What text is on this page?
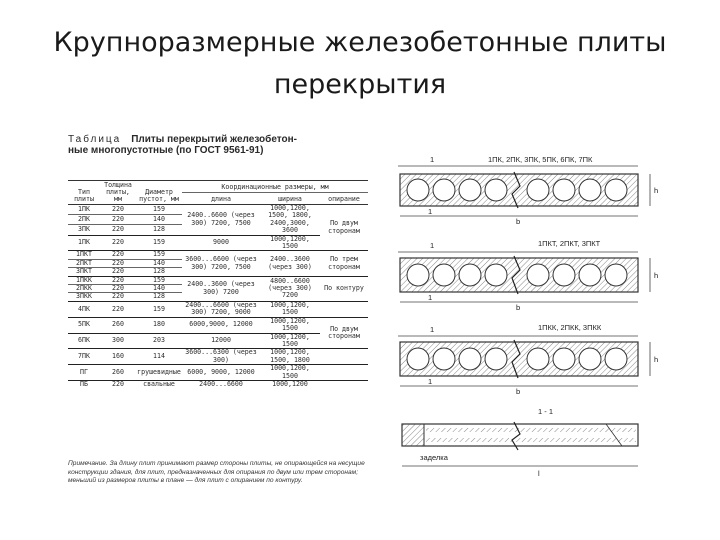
Крупноразмерные железобетонные плиты
перекрытия
Таблица Плиты перекрытий железобетон-
ные многопустотные (по ГОСТ 9561-91)
Тип плиты	Толщина плиты, мм	Диаметр пустот, мм	Координационные размеры, мм		
			длина	ширина	опирание
1ПК	220	159	2400..6600 (через 300) 7200, 7500	1000,1200, 1500, 1800, 2400,3000, 3600	По двум сторонам
2ПК	220	140			
3ПК	220	128			
1ПК	220	159	9000	1000,1200, 1500	
1ПКТ	220	159	3600...6600 (через 300) 7200, 7500	2400..3600 (через 300)	По трем сторонам
2ПКТ	220	140			
3ПКТ	220	128			
1ПКК	220	159	2400..3600 (через 300) 7200	4800..6600 (через 300) 7200	По контуру
2ПКК	220	140			
3ПКК	220	128			
4ПК	220	159	2400...6600 (через 300) 7200, 9000	1000,1200, 1500	
5ПК	260	180	6000,9000, 12000	1000,1200, 1500	По двум сторонам
6ПК	300	203	12000	1000,1200, 1500	
7ПК	160	114	3600...6300 (через 300)	1000,1200, 1500, 1800	
ПГ	260	грушевидные	6000, 9000, 12000	1000,1200, 1500	
ПБ	220	свальные	2400...6600	1000,1200	
Примечание. За длину плит принимают размер стороны плиты, не опирающейся на несущие конструкции здания, для плит, предназначенных для опирания по двум или трем сторонам; меньший из размеров плиты в плане — для плит с опиранием по контуру.
1	1ПК, 2ПК, 3ПК, 5ПК, 6ПК, 7ПК
b
1
h
1	1ПКТ, 2ПКТ, 3ПКТ
b
1
h
1	1ПКК, 2ПКК, 3ПКК
b
1
h
1 - 1
заделка
l
